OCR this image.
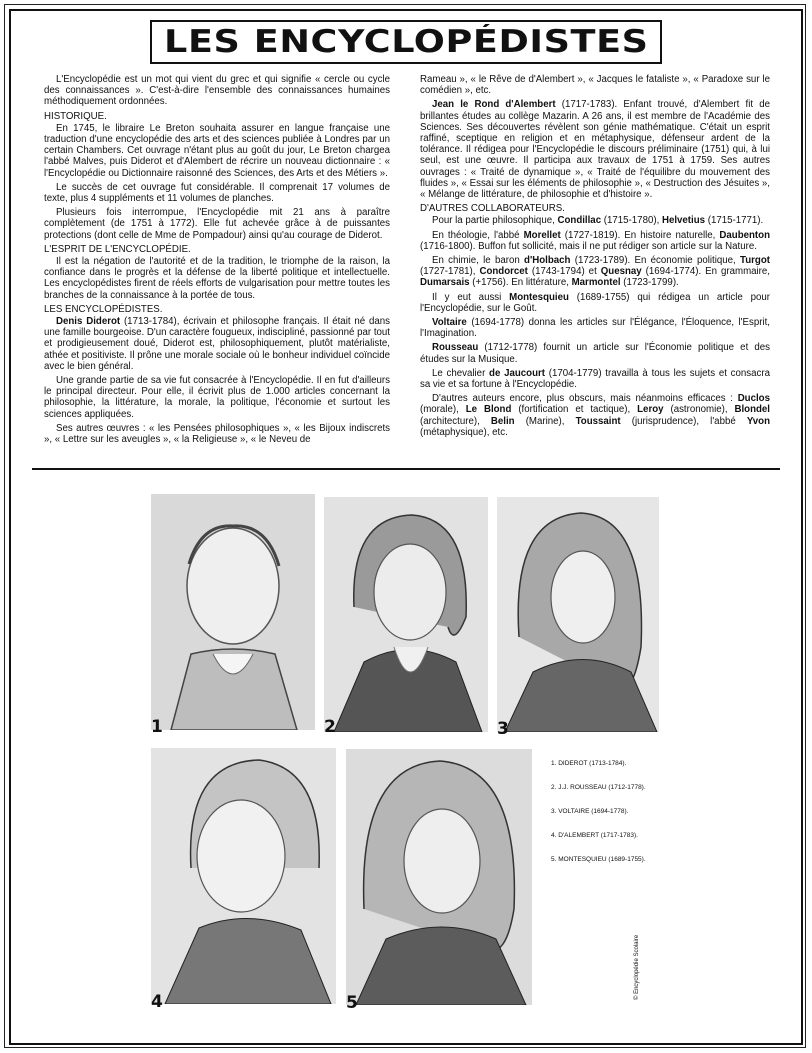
LES ENCYCLOPÉDISTES

L'Encyclopédie est un mot qui vient du grec et qui signifie « cercle ou cycle des connaissances ». C'est-à-dire l'ensemble des connaissances humaines méthodiquement ordonnées.

HISTORIQUE.

En 1745, le libraire Le Breton souhaita assurer en langue française une traduction d'une encyclopédie des arts et des sciences publiée à Londres par un certain Chambers. Cet ouvrage n'étant plus au goût du jour, Le Breton chargea l'abbé Malves, puis Diderot et d'Alembert de récrire un nouveau dictionnaire : « l'Encyclopédie ou Dictionnaire raisonné des Sciences, des Arts et des Métiers ».

Le succès de cet ouvrage fut considérable. Il comprenait 17 volumes de texte, plus 4 suppléments et 11 volumes de planches.

Plusieurs fois interrompue, l'Encyclopédie mit 21 ans à paraître complètement (de 1751 à 1772). Elle fut achevée grâce à de puissantes protections (dont celle de Mme de Pompadour) ainsi qu'au courage de Diderot.

L'ESPRIT DE L'ENCYCLOPÉDIE.

Il est la négation de l'autorité et de la tradition, le triomphe de la raison, la confiance dans le progrès et la défense de la liberté politique et intellectuelle. Les encyclopédistes firent de réels efforts de vulgarisation pour mettre toutes les branches de la connaissance à la portée de tous.

LES ENCYCLOPÉDISTES.

Denis Diderot (1713-1784), écrivain et philosophe français. Il était né dans une famille bourgeoise. D'un caractère fougueux, indiscipliné, passionné par tout et prodigieusement doué, Diderot est, philosophiquement, plutôt matérialiste, athée et positiviste. Il prône une morale sociale où le bonheur individuel coïncide avec le bien général.

Une grande partie de sa vie fut consacrée à l'Encyclopédie. Il en fut d'ailleurs le principal directeur. Pour elle, il écrivit plus de 1.000 articles concernant la philosophie, la littérature, la morale, la politique, l'économie et surtout les sciences appliquées.

Ses autres œuvres : « les Pensées philosophiques », « les Bijoux indiscrets », « Lettre sur les aveugles », « la Religieuse », « le Neveu de

Rameau », « le Rêve de d'Alembert », « Jacques le fataliste », « Paradoxe sur le comédien », etc.

Jean le Rond d'Alembert (1717-1783). Enfant trouvé, d'Alembert fit de brillantes études au collège Mazarin. A 26 ans, il est membre de l'Académie des Sciences. Ses découvertes révèlent son génie mathématique. C'était un esprit raffiné, sceptique en religion et en métaphysique, défenseur ardent de la tolérance. Il rédigea pour l'Encyclopédie le discours préliminaire (1751) qui, à lui seul, est une œuvre. Il participa aux travaux de 1751 à 1759. Ses autres ouvrages : « Traité de dynamique », « Traité de l'équilibre du mouvement des fluides », « Essai sur les éléments de philosophie », « Destruction des Jésuites », « Mélange de littérature, de philosophie et d'histoire ».

D'AUTRES COLLABORATEURS.

Pour la partie philosophique, Condillac (1715-1780), Helvetius (1715-1771).

En théologie, l'abbé Morellet (1727-1819). En histoire naturelle, Daubenton (1716-1800). Buffon fut sollicité, mais il ne put rédiger son article sur la Nature.

En chimie, le baron d'Holbach (1723-1789). En économie politique, Turgot (1727-1781), Condorcet (1743-1794) et Quesnay (1694-1774). En grammaire, Dumarsais (+1756). En littérature, Marmontel (1723-1799).

Il y eut aussi Montesquieu (1689-1755) qui rédigea un article pour l'Encyclopédie, sur le Goût.

Voltaire (1694-1778) donna les articles sur l'Élégance, l'Éloquence, l'Esprit, l'Imagination.

Rousseau (1712-1778) fournit un article sur l'Économie politique et des études sur la Musique.

Le chevalier de Jaucourt (1704-1779) travailla à tous les sujets et consacra sa vie et sa fortune à l'Encyclopédie.

D'autres auteurs encore, plus obscurs, mais néanmoins efficaces : Duclos (morale), Le Blond (fortification et tactique), Leroy (astronomie), Blondel (architecture), Belin (Marine), Toussaint (jurisprudence), l'abbé Yvon (métaphysique), etc.

1	2	3
4	5
1. DIDEROT (1713-1784).
2. J.J. ROUSSEAU (1712-1778).
3. VOLTAIRE (1694-1778).
4. D'ALEMBERT (1717-1783).
5. MONTESQUIEU (1689-1755).
© Encyclopédie Scolaire
